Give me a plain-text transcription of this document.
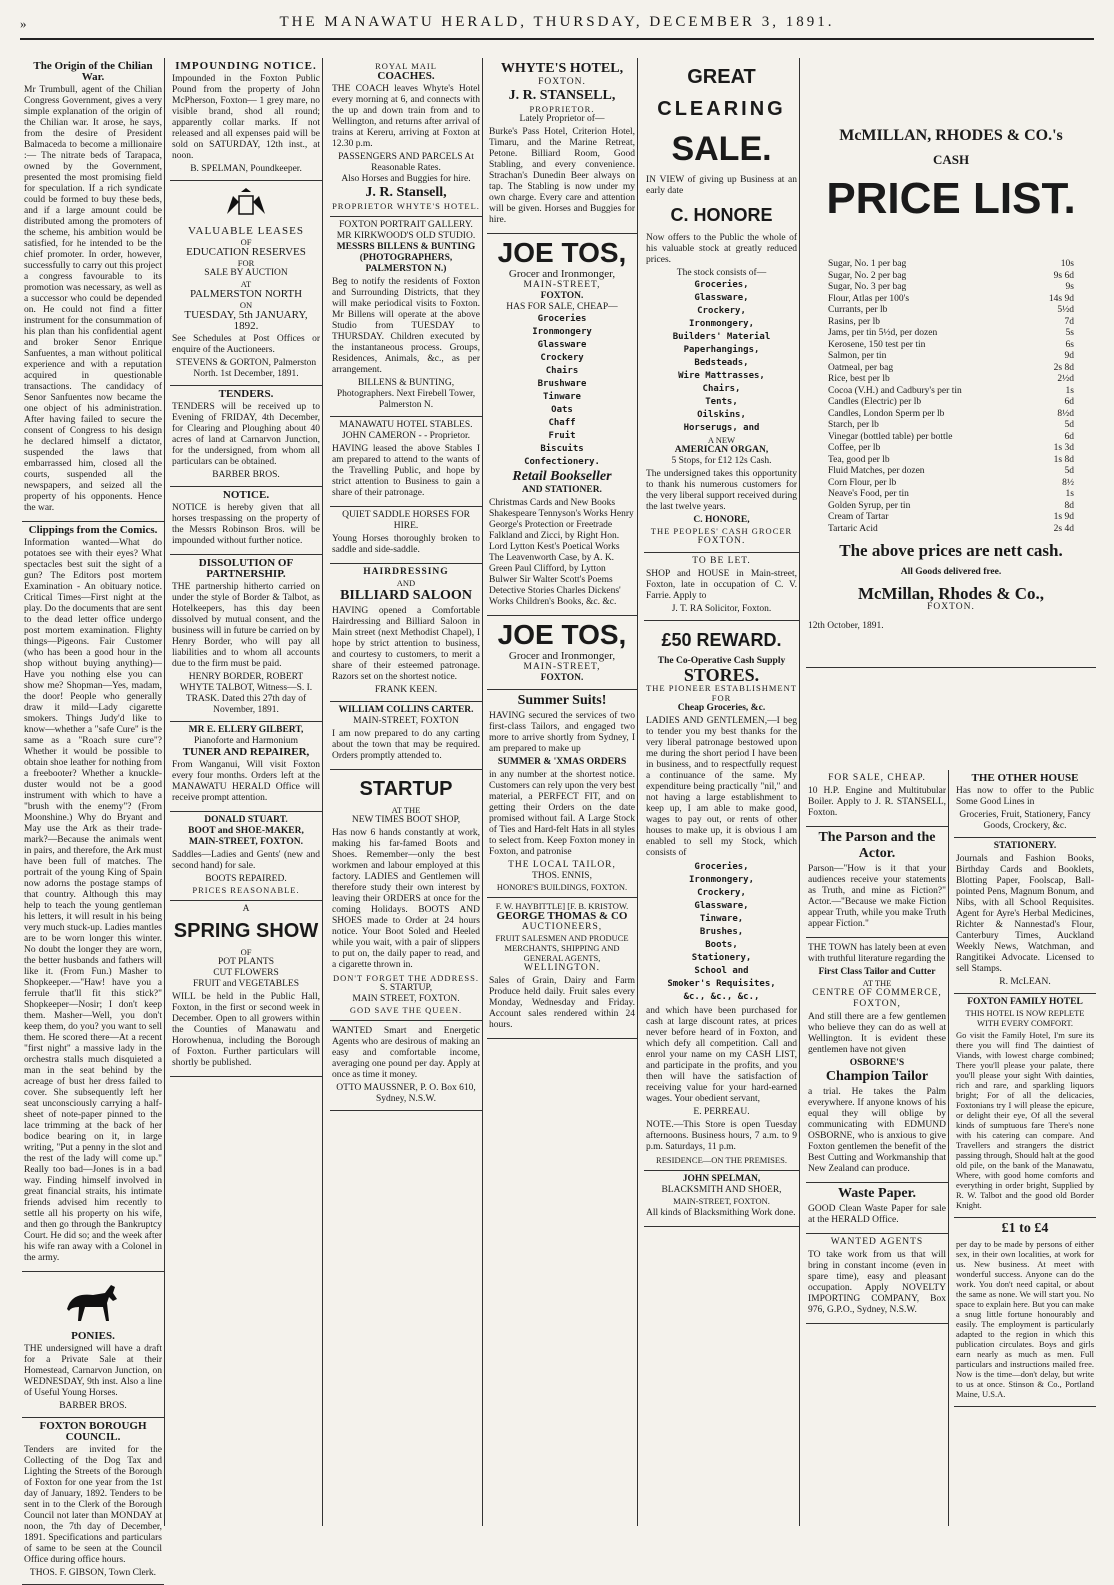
»	THE MANAWATU HERALD, THURSDAY, DECEMBER 3, 1891.
The Origin of the Chilian War.

Mr Trumbull, agent of the Chilian Congress Government, gives a very simple explanation of the origin of the Chilian war. It arose, he says, from the desire of President Balmaceda to become a millionaire :— The nitrate beds of Tarapaca, owned by the Government, presented the most promising field for speculation. If a rich syndicate could be formed to buy these beds, and if a large amount could be distributed among the promoters of the scheme, his ambition would be satisfied, for he intended to be the chief promoter. In order, however, successfully to carry out this project a congress favourable to its promotion was necessary, as well as a successor who could be depended on. He could not find a fitter instrument for the consummation of his plan than his confidential agent and broker Senor Enrique Sanfuentes, a man without political experience and with a reputation acquired in questionable transactions. The candidacy of Senor Sanfuentes now became the one object of his administration. After having failed to secure the consent of Congress to his design he declared himself a dictator, suspended the laws that embarrassed him, closed all the courts, suspended all the newspapers, and seized all the property of his opponents. Hence the war.

Clippings from the Comics.

Information wanted—What do potatoes see with their eyes? What spectacles best suit the sight of a gun? The Editors post mortem Examination - An obituary notice. Critical Times—First night at the play. Do the documents that are sent to the dead letter office undergo post mortem examination. Flighty things—Pigeons. Fair Customer (who has been a good hour in the shop without buying anything)—Have you nothing else you can show me? Shopman—Yes, madam, the door! People who generally draw it mild—Lady cigarette smokers. Things Judy'd like to know—whether a "safe Cure" is the same as a "Roach sure cure"? Whether it would be possible to obtain shoe leather for nothing from a freebooter? Whether a knuckle-duster would not be a good instrument with which to have a "brush with the enemy"? (From Moonshine.) Why do Bryant and May use the Ark as their trade-mark?—Because the animals went in pairs, and therefore, the Ark must have been full of matches. The portrait of the young King of Spain now adorns the postage stamps of that country. Although this may help to teach the young gentleman his letters, it will result in his being very much stuck-up. Ladies mantles are to be worn longer this winter. No doubt the longer they are worn, the better husbands and fathers will like it. (From Fun.) Masher to Shopkeeper.—"Haw! have you a ferrule that'll fit this stick?" Shopkeeper—Nosir; I don't keep them. Masher—Well, you don't keep them, do you? you want to sell them. He scored there—At a recent "first night" a massive lady in the orchestra stalls much disquieted a man in the seat behind by the acreage of bust her dress failed to cover. She subsequently left her seat unconsciously carrying a half-sheet of note-paper pinned to the lace trimming at the back of her bodice bearing on it, in large writing, "Put a penny in the slot and the rest of the lady will come up." Really too bad—Jones is in a bad way. Finding himself involved in great financial straits, his intimate friends advised him recently to settle all his property on his wife, and then go through the Bankruptcy Court. He did so; and the week after his wife ran away with a Colonel in the army.

PONIES.

THE undersigned will have a draft for a Private Sale at their Homestead, Carnarvon Junction, on WEDNESDAY, 9th inst. Also a line of Useful Young Horses.

BARBER BROS.
FOXTON BOROUGH COUNCIL.

Tenders are invited for the Collecting of the Dog Tax and Lighting the Streets of the Borough of Foxton for one year from the 1st day of January, 1892. Tenders to be sent in to the Clerk of the Borough Council not later than MONDAY at noon, the 7th day of December, 1891. Specifications and particulars of same to be seen at the Council Office during office hours.

THOS. F. GIBSON, Town Clerk.
IMPOUNDING NOTICE.

Impounded in the Foxton Public Pound from the property of John McPherson, Foxton— 1 grey mare, no visible brand, shod all round; apparently collar marks. If not released and all expenses paid will be sold on SATURDAY, 12th inst., at noon.

B. SPELMAN, Poundkeeper.
VALUABLE LEASES
OF
EDUCATION RESERVES
FOR
SALE BY AUCTION
AT
PALMERSTON NORTH
ON
TUESDAY, 5th JANUARY, 1892.

See Schedules at Post Offices or enquire of the Auctioneers.

STEVENS & GORTON, Palmerston North. 1st December, 1891.
TENDERS.

TENDERS will be received up to Evening of FRIDAY, 4th December, for Clearing and Ploughing about 40 acres of land at Carnarvon Junction, for the undersigned, from whom all particulars can be obtained.

BARBER BROS.
NOTICE.

NOTICE is hereby given that all horses trespassing on the property of the Messrs Robinson Bros. will be impounded without further notice.

DISSOLUTION OF PARTNERSHIP.

THE partnership hitherto carried on under the style of Border & Talbot, as Hotelkeepers, has this day been dissolved by mutual consent, and the business will in future be carried on by Henry Border, who will pay all liabilities and to whom all accounts due to the firm must be paid.

HENRY BORDER, ROBERT WHYTE TALBOT, Witness—S. I. TRASK. Dated this 27th day of November, 1891.
MR E. ELLERY GILBERT,
Pianoforte and Harmonium
TUNER AND REPAIRER,

From Wanganui, Will visit Foxton every four months. Orders left at the MANAWATU HERALD Office will receive prompt attention.

DONALD STUART.
BOOT and SHOE-MAKER,
MAIN-STREET, FOXTON.

Saddles—Ladies and Gents' (new and second hand) for sale.

BOOTS REPAIRED.
PRICES REASONABLE.
A
SPRING SHOW
OF
POT PLANTS
CUT FLOWERS
FRUIT and VEGETABLES

WILL be held in the Public Hall, Foxton, in the first or second week in December. Open to all growers within the Counties of Manawatu and Horowhenua, including the Borough of Foxton. Further particulars will shortly be published.

ROYAL MAIL
COACHES.

THE COACH leaves Whyte's Hotel every morning at 6, and connects with the up and down train from and to Wellington, and returns after arrival of trains at Kereru, arriving at Foxton at 12.30 p.m.

PASSENGERS AND PARCELS At Reasonable Rates.
Also Horses and Buggies for hire.
J. R. Stansell,
PROPRIETOR WHYTE'S HOTEL.
FOXTON PORTRAIT GALLERY.
MR KIRKWOOD'S OLD STUDIO.
MESSRS BILLENS & BUNTING (PHOTOGRAPHERS, PALMERSTON N.)

Beg to notify the residents of Foxton and Surrounding Districts, that they will make periodical visits to Foxton. Mr Billens will operate at the above Studio from TUESDAY to THURSDAY. Children executed by the instantaneous process. Groups, Residences, Animals, &c., as per arrangement.

BILLENS & BUNTING, Photographers. Next Firebell Tower, Palmerston N.
MANAWATU HOTEL STABLES.
JOHN CAMERON - - Proprietor.

HAVING leased the above Stables I am prepared to attend to the wants of the Travelling Public, and hope by strict attention to Business to gain a share of their patronage.

QUIET SADDLE HORSES FOR HIRE.

Young Horses thoroughly broken to saddle and side-saddle.

HAIRDRESSING
AND
BILLIARD SALOON

HAVING opened a Comfortable Hairdressing and Billiard Saloon in Main street (next Methodist Chapel), I hope by strict attention to business, and courtesy to customers, to merit a share of their esteemed patronage. Razors set on the shortest notice.

FRANK KEEN.
WILLIAM COLLINS CARTER.
MAIN-STREET, FOXTON

I am now prepared to do any carting about the town that may be required. Orders promptly attended to.

STARTUP
AT THE
NEW TIMES BOOT SHOP,

Has now 6 hands constantly at work, making his far-famed Boots and Shoes. Remember—only the best workmen and labour employed at this factory. LADIES and Gentlemen will therefore study their own interest by leaving their ORDERS at once for the coming Holidays. BOOTS AND SHOES made to Order at 24 hours notice. Your Boot Soled and Heeled while you wait, with a pair of slippers to put on, the daily paper to read, and a cigarette thrown in.

DON'T FORGET THE ADDRESS.
S. STARTUP,
MAIN STREET, FOXTON.
GOD SAVE THE QUEEN.

WANTED Smart and Energetic Agents who are desirous of making an easy and comfortable income, averaging one pound per day. Apply at once as time it money.

OTTO MAUSSNER, P. O. Box 610, Sydney, N.S.W.
WHYTE'S HOTEL,
FOXTON.
J. R. STANSELL,
PROPRIETOR.
Lately Proprietor of—

Burke's Pass Hotel, Criterion Hotel, Timaru, and the Marine Retreat, Petone. Billiard Room, Good Stabling, and every convenience. Strachan's Dunedin Beer always on tap. The Stabling is now under my own charge. Every care and attention will be given. Horses and Buggies for hire.

JOE TOS,
Grocer and Ironmonger,
MAIN-STREET,
FOXTON.
HAS FOR SALE, CHEAP—
Groceries
Ironmongery
Glassware
Crockery
Chairs
Brushware
Tinware
Oats
Chaff
Fruit
Biscuits
Confectionery.
Retail Bookseller
AND STATIONER.

Christmas Cards and New Books Shakespeare Tennyson's Works Henry George's Protection or Freetrade Falkland and Zicci, by Right Hon. Lord Lytton Kest's Poetical Works The Leavenworth Case, by A. K. Green Paul Clifford, by Lytton Bulwer Sir Walter Scott's Poems Detective Stories Charles Dickens' Works Children's Books, &c. &c.

JOE TOS,
Grocer and Ironmonger,
MAIN-STREET,
FOXTON.
Summer Suits!

HAVING secured the services of two first-class Tailors, and engaged two more to arrive shortly from Sydney, I am prepared to make up

SUMMER & 'XMAS ORDERS

in any number at the shortest notice. Customers can rely upon the very best material, a PERFECT FIT, and on getting their Orders on the date promised without fail. A Large Stock of Ties and Hard-felt Hats in all styles to select from. Keep Foxton money in Foxton, and patronise

THE LOCAL TAILOR,
THOS. ENNIS,
HONORE'S BUILDINGS, FOXTON.
F. W. HAYBITTLE] [F. B. KRISTOW.
GEORGE THOMAS & CO
AUCTIONEERS,
FRUIT SALESMEN AND PRODUCE MERCHANTS, SHIPPING AND GENERAL AGENTS,
WELLINGTON.

Sales of Grain, Dairy and Farm Produce held daily. Fruit sales every Monday, Wednesday and Friday. Account sales rendered within 24 hours.

GREAT
CLEARING
SALE.

IN VIEW of giving up Business at an early date

C. HONORE

Now offers to the Public the whole of his valuable stock at greatly reduced prices.

The stock consists of—
Groceries,
Glassware,
Crockery,
Ironmongery,
Builders' Material
Paperhangings,
Bedsteads,
Wire Mattrasses,
Chairs,
Tents,
Oilskins,
Horserugs, and
A NEW
AMERICAN ORGAN,
5 Stops, for £12 12s Cash.

The undersigned takes this opportunity to thank his numerous customers for the very liberal support received during the last twelve years.

C. HONORE,
THE PEOPLES' CASH GROCER
FOXTON.
TO BE LET.

SHOP and HOUSE in Main-street, Foxton, late in occupation of C. V. Farrie. Apply to

J. T. RA Solicitor, Foxton.
£50 REWARD.
The Co-Operative Cash Supply
STORES.
THE PIONEER ESTABLISHMENT FOR
Cheap Groceries, &c.

LADIES AND GENTLEMEN,—I beg to tender you my best thanks for the very liberal patronage bestowed upon me during the short period I have been in business, and to respectfully request a continuance of the same. My expenditure being practically "nil," and not having a large establishment to keep up, I am able to make good, wages to pay out, or rents of other houses to make up, it is obvious I am enabled to sell my Stock, which consists of

Groceries,
Ironmongery,
Crockery,
Glassware,
Tinware,
Brushes,
Boots,
Stationery,
School and
Smoker's Requisites,
&c., &c., &c.,

and which have been purchased for cash at large discount rates, at prices never before heard of in Foxton, and which defy all competition. Call and enrol your name on my CASH LIST, and participate in the profits, and you then will have the satisfaction of receiving value for your hard-earned wages. Your obedient servant,

E. PERREAU.

NOTE.—This Store is open Tuesday afternoons. Business hours, 7 a.m. to 9 p.m. Saturdays, 11 p.m.

RESIDENCE—ON THE PREMISES.
JOHN SPELMAN,
BLACKSMITH AND SHOER,
MAIN-STREET, FOXTON.

All kinds of Blacksmithing Work done.

McMILLAN, RHODES & CO.'s
CASH
PRICE LIST.
Sugar, No. 1 per bag	10s
Sugar, No. 2 per bag	9s 6d
Sugar, No. 3 per bag	9s
Flour, Atlas per 100's	14s 9d
Currants, per lb	5½d
Rasins, per lb	7d
Jams, per tin 5½d, per dozen	5s
Kerosene, 150 test per tin	6s
Salmon, per tin	9d
Oatmeal, per bag	2s 8d
Rice, best per lb	2½d
Cocoa (V.H.) and Cadbury's per tin	1s
Candles (Electric) per lb	6d
Candles, London Sperm per lb	8½d
Starch, per lb	5d
Vinegar (bottled table) per bottle	6d
Coffee, per lb	1s 3d
Tea, good per lb	1s 8d
Fluid Matches, per dozen	5d
Corn Flour, per lb	8½
Neave's Food, per tin	1s
Golden Syrup, per tin	8d
Cream of Tartar	1s 9d
Tartaric Acid	2s 4d
The above prices are nett cash.
All Goods delivered free.
McMillan, Rhodes & Co.,
FOXTON.
12th October, 1891.
FOR SALE, CHEAP.

10 H.P. Engine and Multitubular Boiler. Apply to J. R. STANSELL, Foxton.

The Parson and the Actor.

Parson—"How is it that your audiences receive your statements as Truth, and mine as Fiction?" Actor.—"Because we make Fiction appear Truth, while you make Truth appear Fiction."

THE TOWN has lately been at even with truthful literature regarding the

First Class Tailor and Cutter
AT THE
CENTRE OF COMMERCE,
FOXTON,

And still there are a few gentlemen who believe they can do as well at Wellington. It is evident these gentlemen have not given

OSBORNE'S
Champion Tailor

a trial. He takes the Palm everywhere. If anyone knows of his equal they will oblige by communicating with EDMUND OSBORNE, who is anxious to give Foxton gentlemen the benefit of the Best Cutting and Workmanship that New Zealand can produce.

Waste Paper.

GOOD Clean Waste Paper for sale at the HERALD Office.

WANTED AGENTS

TO take work from us that will bring in constant income (even in spare time), easy and pleasant occupation. Apply NOVELTY IMPORTING COMPANY, Box 976, G.P.O., Sydney, N.S.W.

THE OTHER HOUSE

Has now to offer to the Public Some Good Lines in

Groceries, Fruit, Stationery, Fancy Goods, Crockery, &c.
STATIONERY.

Journals and Fashion Books, Birthday Cards and Booklets, Blotting Paper, Foolscap, Ball-pointed Pens, Magnum Bonum, and Nibs, with all School Requisites. Agent for Ayre's Herbal Medicines, Richter & Nannestad's Flour, Canterbury Times, Auckland Weekly News, Watchman, and Rangitikei Advocate. Licensed to sell Stamps.

R. McLEAN.
FOXTON FAMILY HOTEL
THIS HOTEL IS NOW REPLETE WITH EVERY COMFORT.

Go visit the Family Hotel, I'm sure its there you will find The daintiest of Viands, with lowest charge combined; There you'll please your palate, there you'll please your sight With dainties, rich and rare, and sparkling liquors bright; For of all the delicacies, Foxtonians try I will please the epicure, or delight their eye, Of all the several kinds of sumptuous fare There's none with his catering can compare. And Travellers and strangers the district passing through, Should halt at the good old pile, on the bank of the Manawatu, Where, with good home comforts and everything in order bright, Supplied by R. W. Talbot and the good old Border Knight.

£1 to £4

per day to be made by persons of either sex, in their own localities, at work for us. New business. At meet with wonderful success. Anyone can do the work. You don't need capital, or about the same as none. We will start you. No space to explain here. But you can make a snug little fortune honourably and easily. The employment is particularly adapted to the region in which this publication circulates. Boys and girls earn nearly as much as men. Full particulars and instructions mailed free. Now is the time—don't delay, but write to us at once. Stinson & Co., Portland Maine, U.S.A.
